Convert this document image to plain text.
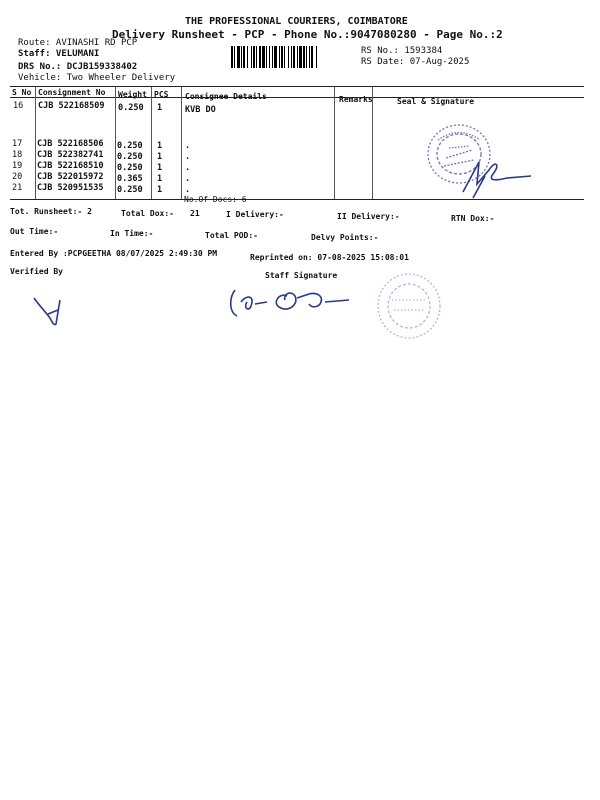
THE PROFESSIONAL COURIERS, COIMBATORE
Delivery Runsheet - PCP - Phone No.:9047080280 - Page No.:2
Route: AVINASHI RD PCP
Staff: VELUMANI
DRS No.: DCJB159338402
Vehicle: Two Wheeler Delivery
RS No.: 1593384
RS Date: 07-Aug-2025
S No Consignment No Weight PCS Consignee Details	Remarks	Seal & Signature
16 CJB 522168509 0.250 1	KVB DO
17 CJB 522168506 0.250 1	.
18 CJB 522382741 0.250 1	.
19 CJB 522168510 0.250 1	.
20 CJB 522015972 0.365 1	.
21 CJB 520951535 0.250 1	.
No.Of Docs: 6
Tot. Runsheet:- 2	Total Dox:- 21	I Delivery:-	II Delivery:-	RTN Dox:-
Out Time:-	In Time:-	Total POD:-	Delvy Points:-
Entered By :PCPGEETHA 08/07/2025 2:49:30 PM	Reprinted on: 07-08-2025 15:08:01
Verified By	Staff Signature
